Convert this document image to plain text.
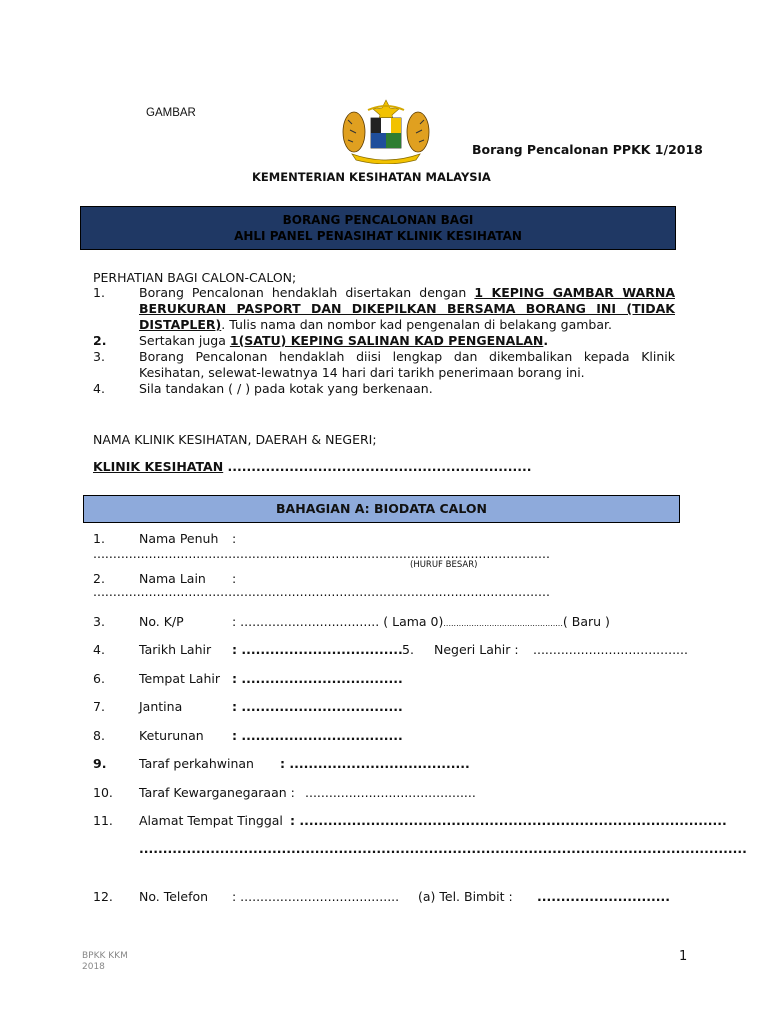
GAMBAR
Borang Pencalonan PPKK 1/2018
KEMENTERIAN KESIHATAN MALAYSIA
BORANG PENCALONAN BAGI
AHLI PANEL PENASIHAT KLINIK KESIHATAN
PERHATIAN BAGI CALON-CALON;
1.	Borang Pencalonan hendaklah disertakan dengan 1 KEPING GAMBAR WARNA BERUKURAN PASPORT DAN DIKEPILKAN BERSAMA BORANG INI (TIDAK DISTAPLER). Tulis nama dan nombor kad pengenalan di belakang gambar.
2.	Sertakan juga 1(SATU) KEPING SALINAN KAD PENGENALAN.
3.	Borang Pencalonan hendaklah diisi lengkap dan dikembalikan kepada Klinik Kesihatan, selewat-lewatnya 14 hari dari tarikh penerimaan borang ini.
4.	Sila tandakan ( / ) pada kotak yang berkenaan.
NAMA KLINIK KESIHATAN, DAERAH & NEGERI;
KLINIK KESIHATAN ................................................................
BAHAGIAN A: BIODATA CALON
1.	Nama Penuh :
...................................................................................................................
(HURUF BESAR)
2.	Nama Lain :
...................................................................................................................
3.	No. K/P	: ................................... ( Lama 0)...............................................( Baru )
4.	Tarikh Lahir : .................................. 5. Negeri Lahir : .......................................
6.	Tempat Lahir : ..................................
7.	Jantina	: ..................................
8.	Keturunan : ..................................
9.	Taraf perkahwinan : ......................................
10. Taraf Kewarganegaraan : ...........................................
11. Alamat Tempat Tinggal : ..........................................................................................
................................................................................................................................
12. No. Telefon : ........................................ (a) Tel. Bimbit : ............................
BPKK KKM
2018
1
